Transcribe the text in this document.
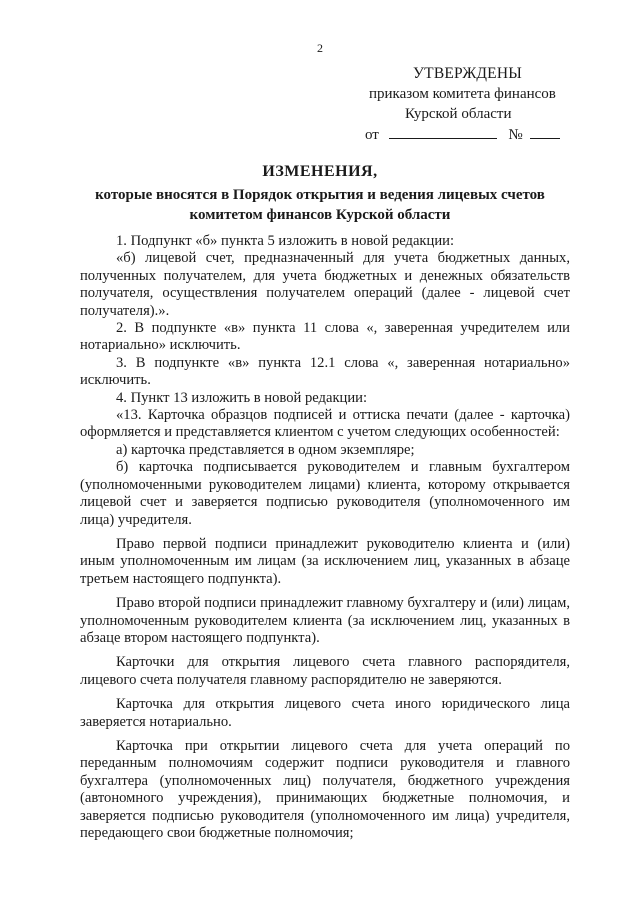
2
УТВЕРЖДЕНЫ
приказом комитета финансов
Курской области
от	№
ИЗМЕНЕНИЯ,
которые вносятся в Порядок открытия и ведения лицевых счетов
комитетом финансов Курской области

1. Подпункт «б» пункта 5 изложить в новой редакции:

«б) лицевой счет, предназначенный для учета бюджетных данных, полученных получателем, для учета бюджетных и денежных обязательств получателя, осуществления получателем операций (далее - лицевой счет получателя).».

2. В подпункте «в» пункта 11 слова «, заверенная учредителем или нотариально» исключить.

3. В подпункте «в» пункта 12.1 слова «, заверенная нотариально» исключить.

4. Пункт 13 изложить в новой редакции:

«13. Карточка образцов подписей и оттиска печати (далее - карточка) оформляется и представляется клиентом с учетом следующих особенностей:

а) карточка представляется в одном экземпляре;

б) карточка подписывается руководителем и главным бухгалтером (уполномоченными руководителем лицами) клиента, которому открывается лицевой счет и заверяется подписью руководителя (уполномоченного им лица) учредителя.

Право первой подписи принадлежит руководителю клиента и (или) иным уполномоченным им лицам (за исключением лиц, указанных в абзаце третьем настоящего подпункта).

Право второй подписи принадлежит главному бухгалтеру и (или) лицам, уполномоченным руководителем клиента (за исключением лиц, указанных в абзаце втором настоящего подпункта).

Карточки для открытия лицевого счета главного распорядителя, лицевого счета получателя главному распорядителю не заверяются.

Карточка для открытия лицевого счета иного юридического лица заверяется нотариально.

Карточка при открытии лицевого счета для учета операций по переданным полномочиям содержит подписи руководителя и главного бухгалтера (уполномоченных лиц) получателя, бюджетного учреждения (автономного учреждения), принимающих бюджетные полномочия, и заверяется подписью руководителя (уполномоченного им лица) учредителя, передающего свои бюджетные полномочия;
